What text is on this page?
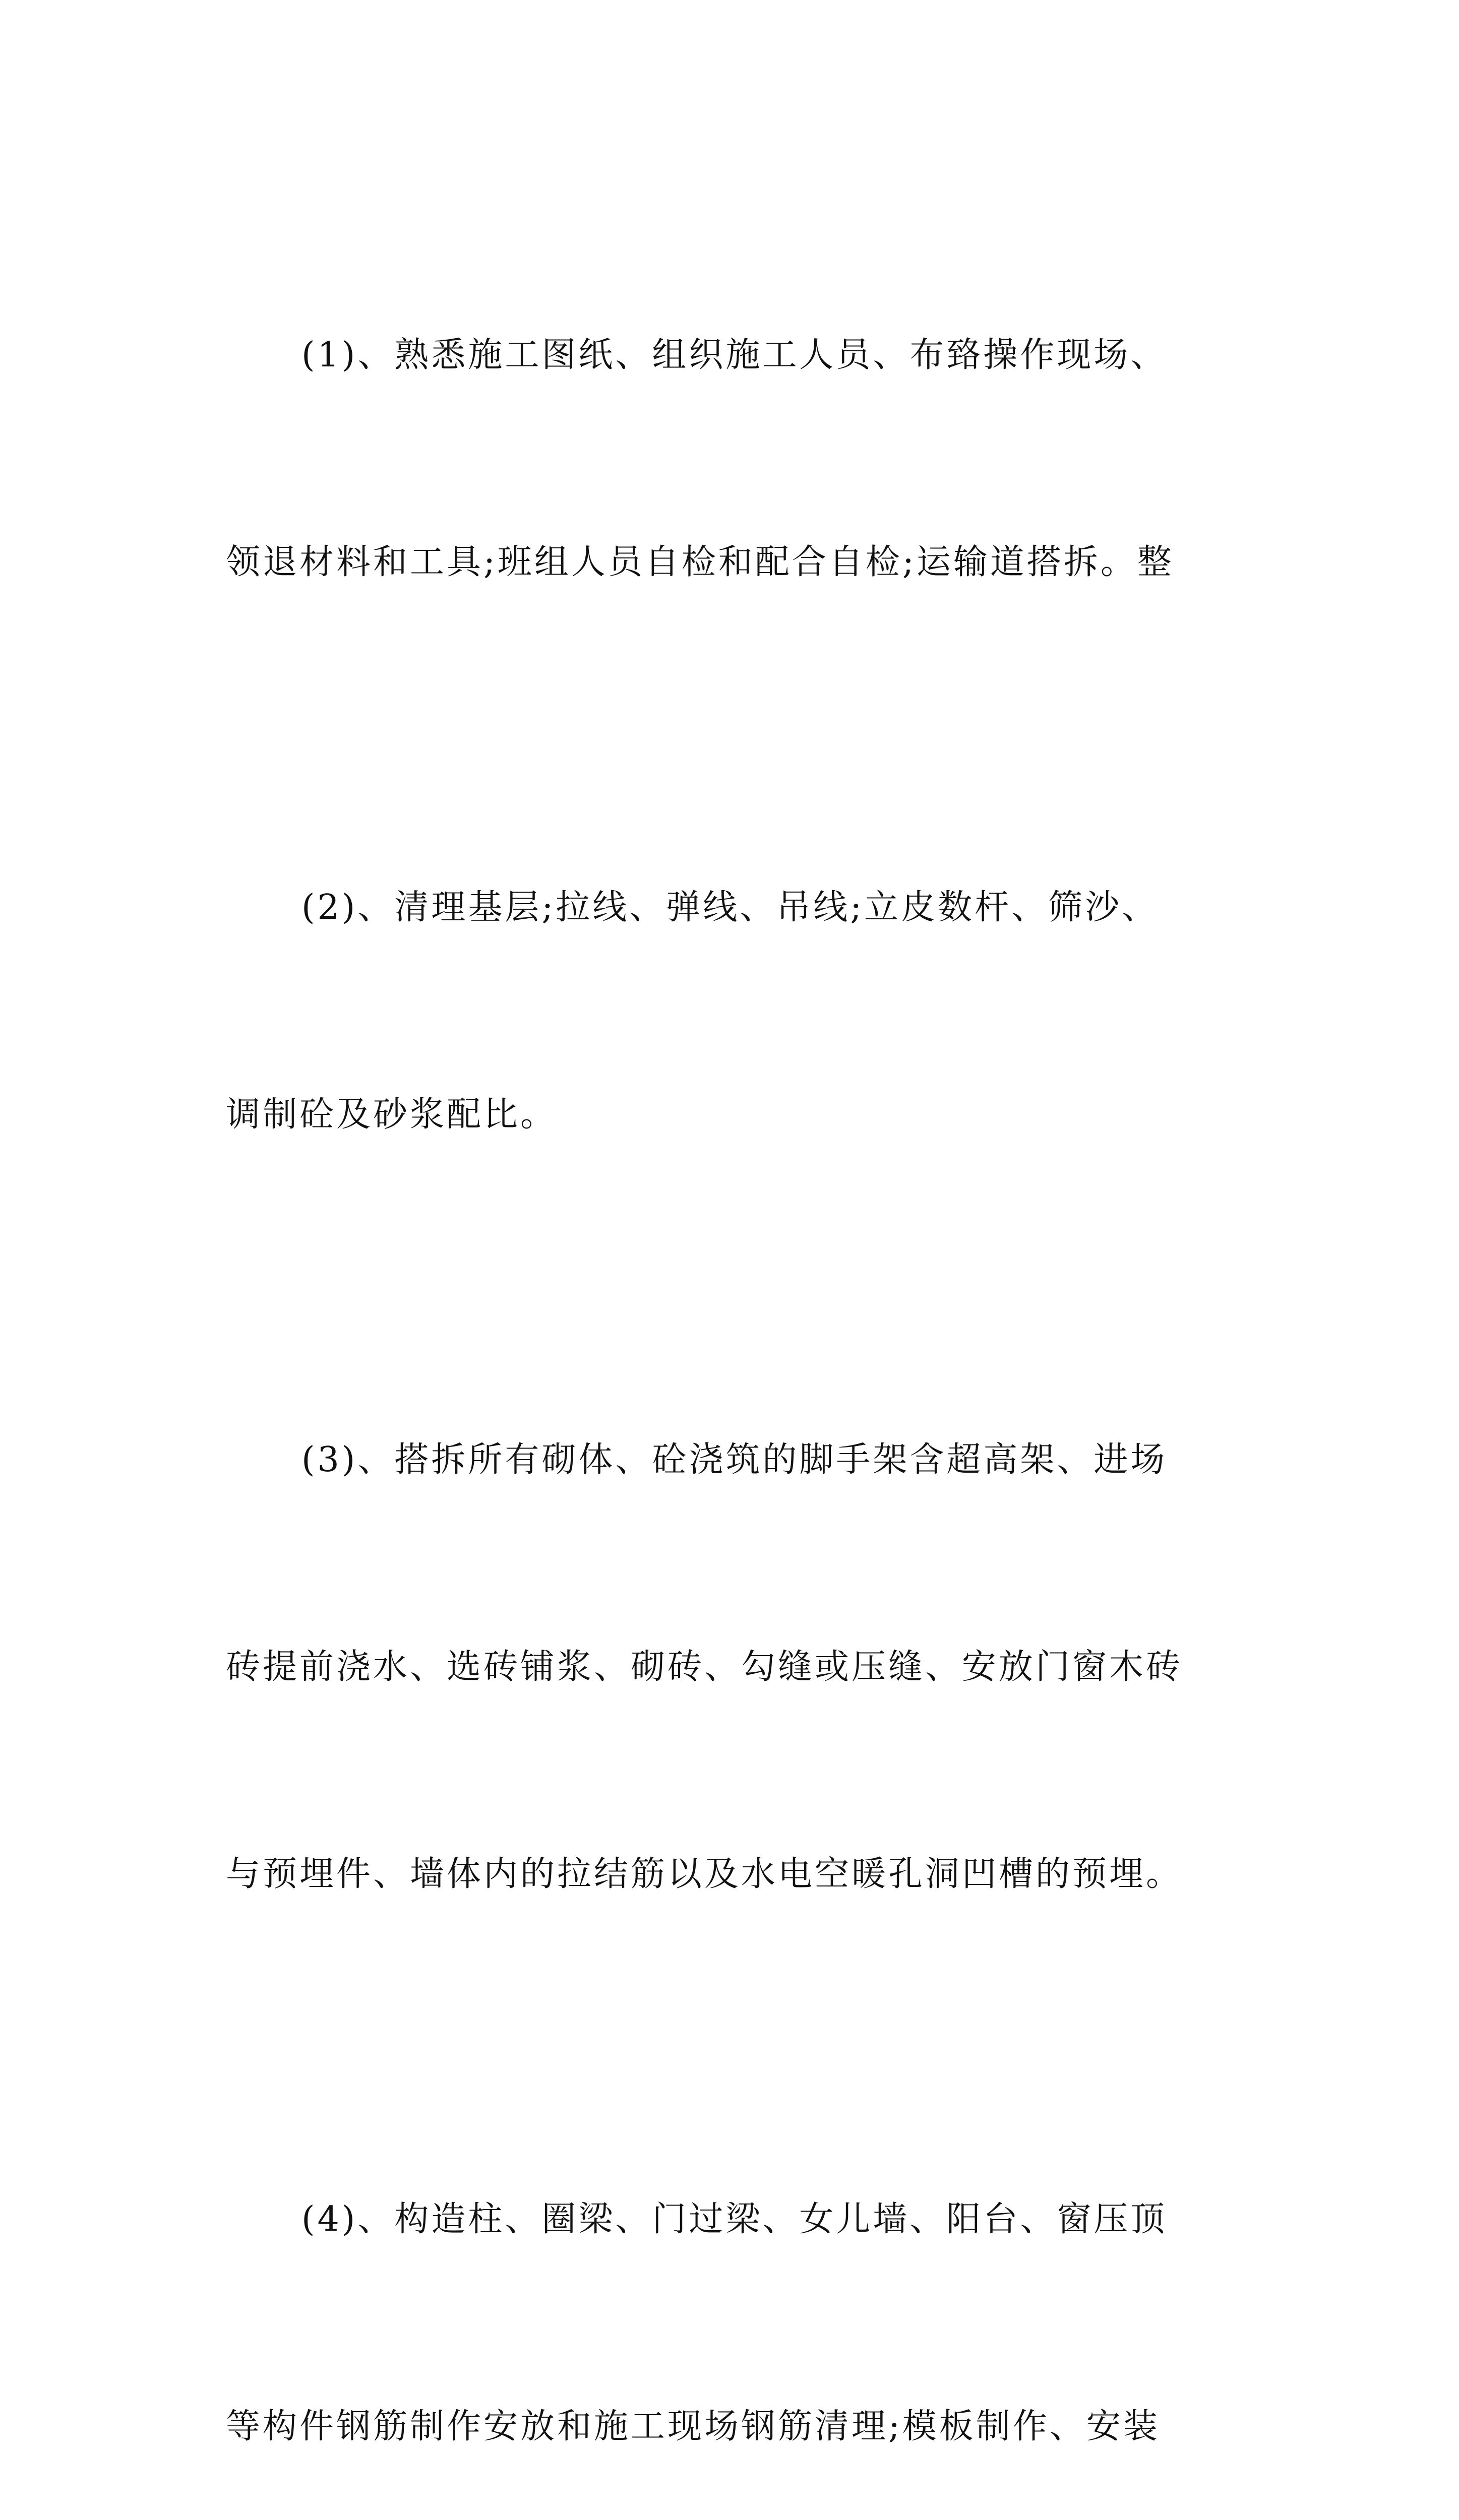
(1)、熟悉施工图纸、组织施工人员、布臵操作现场、

领退材料和工具;班组人员自检和配合自检;运输道搭拆。整

(2)、清理基层;拉线、弹线、吊线;立皮数杆、筛沙、

调制砼及砂浆配比。

(3)、搭拆所有砌体、砼浇筑的脚手架含超高架、进场

砖提前浇水、选砖铺浆、砌砖、勾缝或压缝、安放门窗木砖

与预埋件、墙体内的拉结筋以及水电空暖孔洞凹槽的预埋。

(4)、构造柱、圈梁、门过梁、女儿墙、阳台、窗压顶

等构件钢筋制作安放和施工现场钢筋清理;模板制作、安装
